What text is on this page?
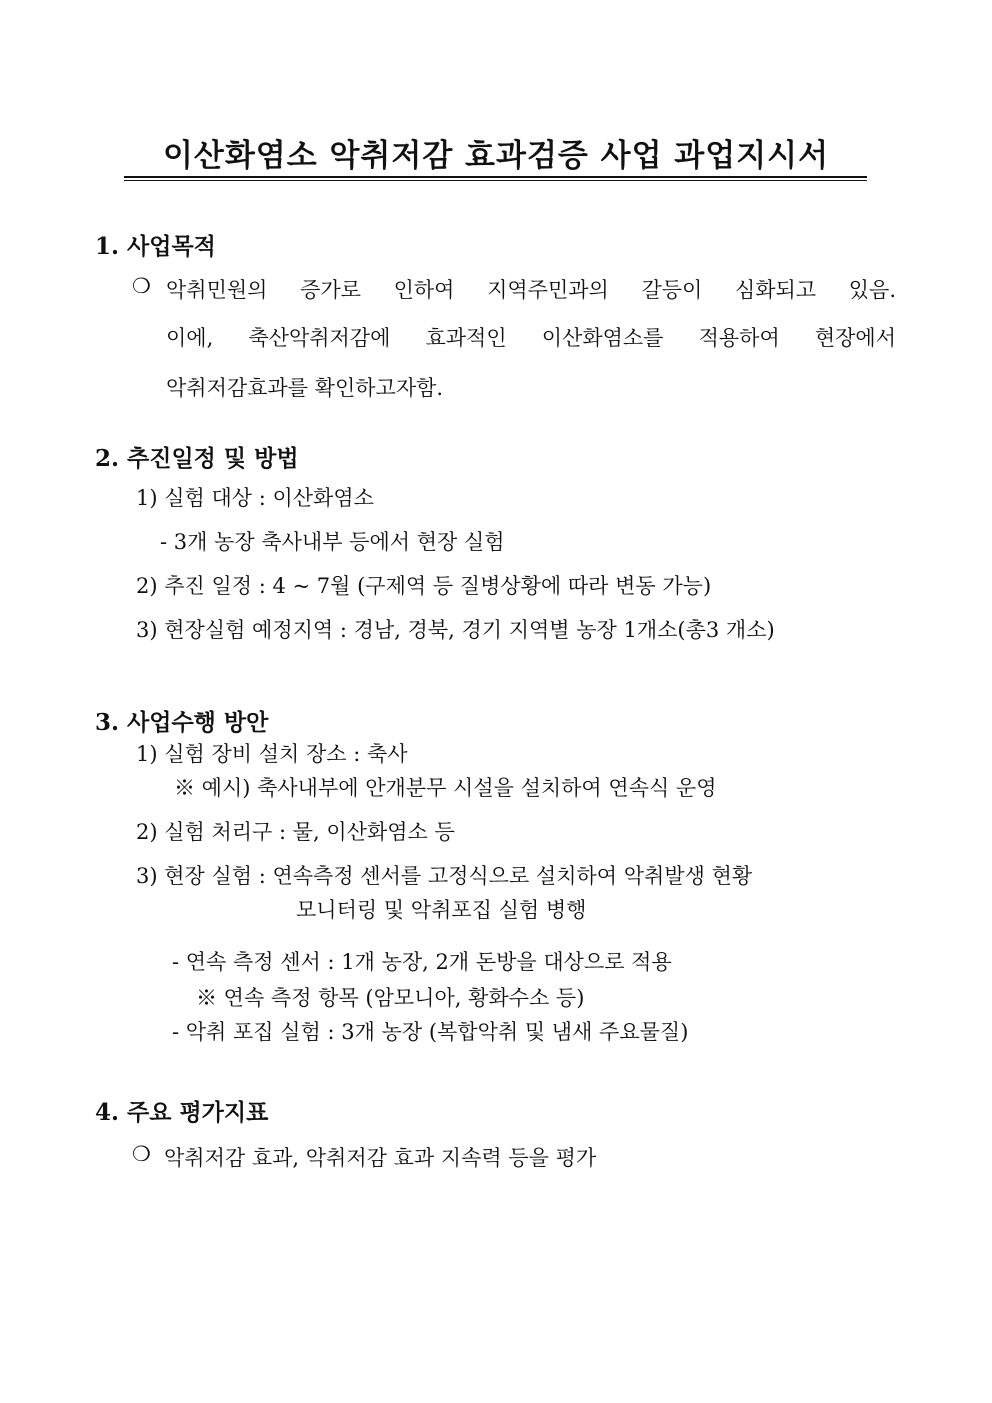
이산화염소 악취저감 효과검증 사업 과업지시서
1. 사업목적
❍ 악취민원의 증가로 인하여 지역주민과의 갈등이 심화되고 있음.
이에, 축산악취저감에 효과적인 이산화염소를 적용하여 현장에서
악취저감효과를 확인하고자함.
2. 추진일정 및 방법
1) 실험 대상 : 이산화염소
- 3개 농장 축사내부 등에서 현장 실험
2) 추진 일정 : 4 ~ 7월 (구제역 등 질병상황에 따라 변동 가능)
3) 현장실험 예정지역 : 경남, 경북, 경기 지역별 농장 1개소(총3 개소)
3. 사업수행 방안
1) 실험 장비 설치 장소 : 축사
※ 예시) 축사내부에 안개분무 시설을 설치하여 연속식 운영
2) 실험 처리구 : 물, 이산화염소 등
3) 현장 실험 : 연속측정 센서를 고정식으로 설치하여 악취발생 현황
모니터링 및 악취포집 실험 병행
- 연속 측정 센서 : 1개 농장, 2개 돈방을 대상으로 적용
※ 연속 측정 항목 (암모니아, 황화수소 등)
- 악취 포집 실험 : 3개 농장 (복합악취 및 냄새 주요물질)
4. 주요 평가지표
❍ 악취저감 효과, 악취저감 효과 지속력 등을 평가
